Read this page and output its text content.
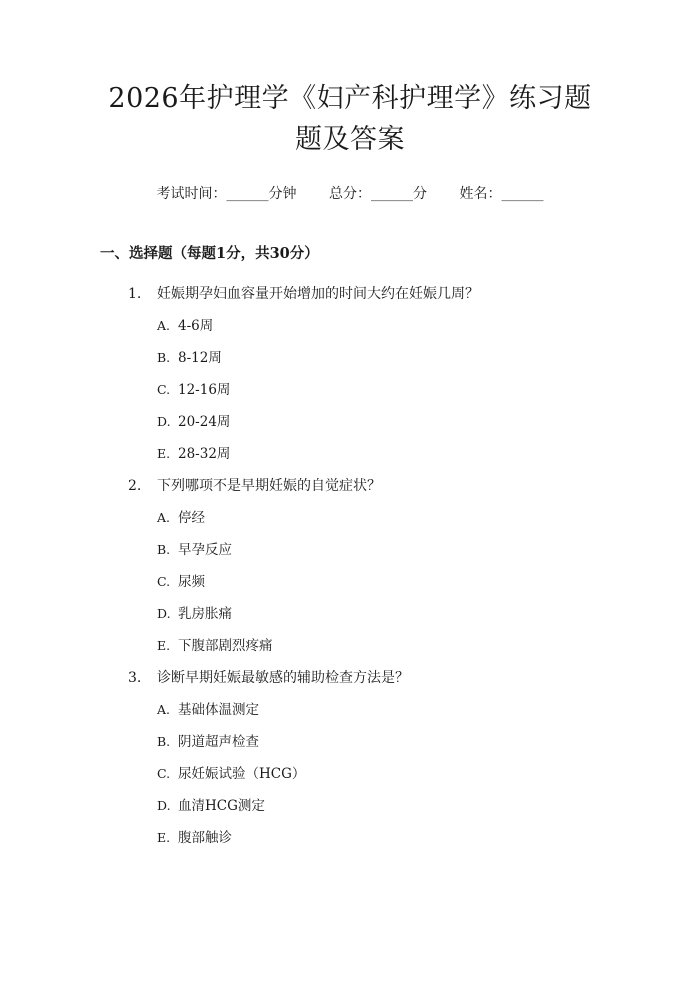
2026年护理学《妇产科护理学》练习题题及答案
考试时间：______分钟 总分：______分 姓名：______
一、选择题（每题1分，共30分）
1.	妊娠期孕妇血容量开始增加的时间大约在妊娠几周？
A. 4-6周
B. 8-12周
C. 12-16周
D. 20-24周
E. 28-32周
2.	下列哪项不是早期妊娠的自觉症状？
A. 停经
B. 早孕反应
C. 尿频
D. 乳房胀痛
E. 下腹部剧烈疼痛
3.	诊断早期妊娠最敏感的辅助检查方法是？
A. 基础体温测定
B. 阴道超声检查
C. 尿妊娠试验（HCG）
D. 血清HCG测定
E. 腹部触诊
